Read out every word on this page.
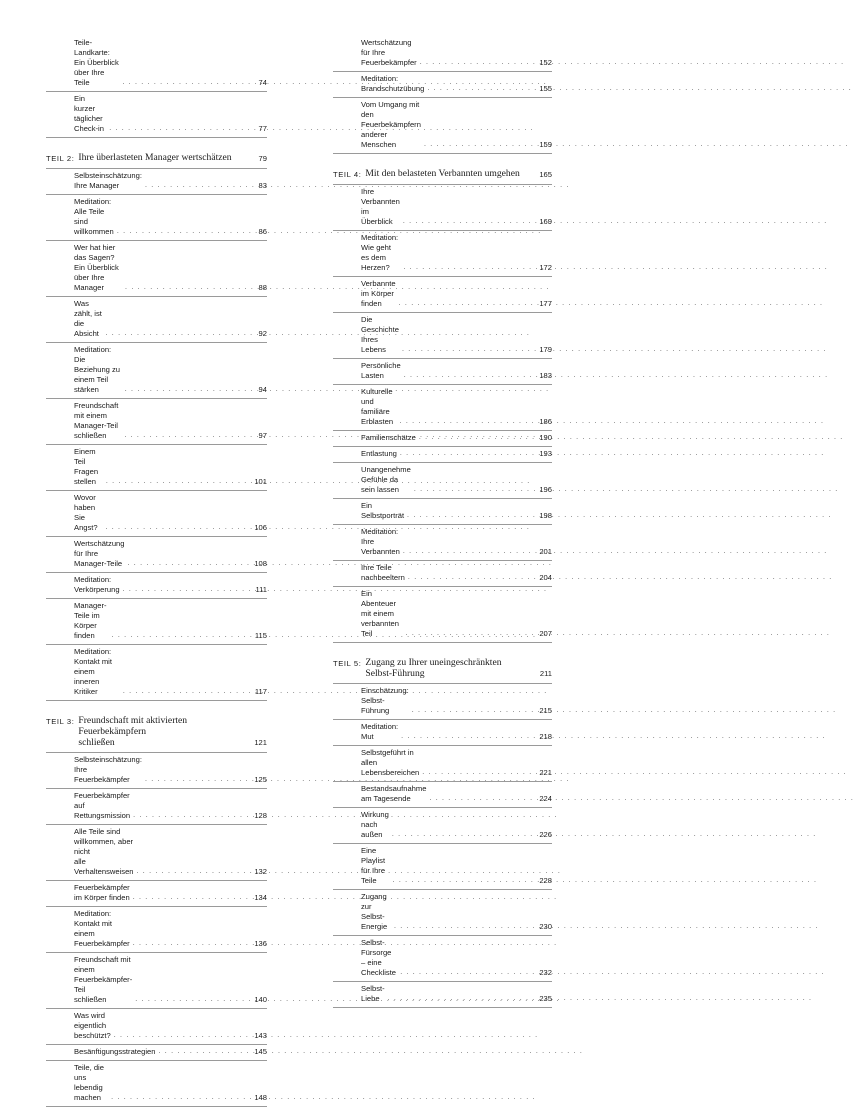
Teile-Landkarte: Ein Überblick über Ihre Teile . . .	74
Ein kurzer täglicher Check-in . . .	77
TEIL 2: Ihre überlasteten Manager wertschätzen	79
Selbsteinschätzung: Ihre Manager . . .	83
Meditation: Alle Teile sind willkommen . . .	86
Wer hat hier das Sagen? Ein Überblick über Ihre
Manager . . .	88
Was zählt, ist die Absicht . . .	92
Meditation: Die Beziehung zu einem Teil stärken . . .	94
Freundschaft mit einem Manager-Teil schließen . . .	97
Einem Teil Fragen stellen . . .	101
Wovor haben Sie Angst? . . .	106
Wertschätzung für Ihre Manager-Teile . . .	108
Meditation: Verkörperung . . .	111
Manager-Teile im Körper finden . . .	115
Meditation: Kontakt mit einem inneren Kritiker . . .	117
TEIL 3: Freundschaft mit aktivierten Feuerbekämpfern
schließen	121
Selbsteinschätzung: Ihre Feuerbekämpfer . . .	125
Feuerbekämpfer auf Rettungsmission . . .	128
Alle Teile sind willkommen, aber nicht
alle Verhaltensweisen . . .	132
Feuerbekämpfer im Körper finden . . .	134
Meditation: Kontakt mit einem Feuerbekämpfer . . .	136
Freundschaft mit einem Feuerbekämpfer-Teil
schließen . . .	140
Was wird eigentlich beschützt? . . .	143
Besänftigungsstrategien . . .	145
Teile, die uns lebendig machen . . .	148
Wertschätzung für Ihre Feuerbekämpfer . . .	152
Meditation: Brandschutzübung . . .	155
Vom Umgang mit den Feuerbekämpfern anderer
Menschen . . .	159
TEIL 4: Mit den belasteten Verbannten umgehen	165
Ihre Verbannten im Überblick . . .	169
Meditation: Wie geht es dem Herzen? . . .	172
Verbannte im Körper finden . . .	177
Die Geschichte Ihres Lebens . . .	179
Persönliche Lasten . . .	183
Kulturelle und familiäre Erblasten . . .	186
Familienschätze . . .	190
Entlastung . . .	193
Unangenehme Gefühle da sein lassen . . .	196
Ein Selbstporträt . . .	198
Meditation: Ihre Verbannten . . .	201
Ihre Teile nachbeeltern . . .	204
Ein Abenteuer mit einem verbannten Teil . . .	207
TEIL 5: Zugang zu Ihrer uneingeschränkten
Selbst-Führung	211
Einschätzung: Selbst-Führung . . .	215
Meditation: Mut . . .	218
Selbstgeführt in allen Lebensbereichen . . .	221
Bestandsaufnahme am Tagesende . . .	224
Wirkung nach außen . . .	226
Eine Playlist für Ihre Teile . . .	228
Zugang zur Selbst-Energie . . .	230
Selbst-Fürsorge – eine Checkliste . . .	232
Selbst-Liebe . . .	235
